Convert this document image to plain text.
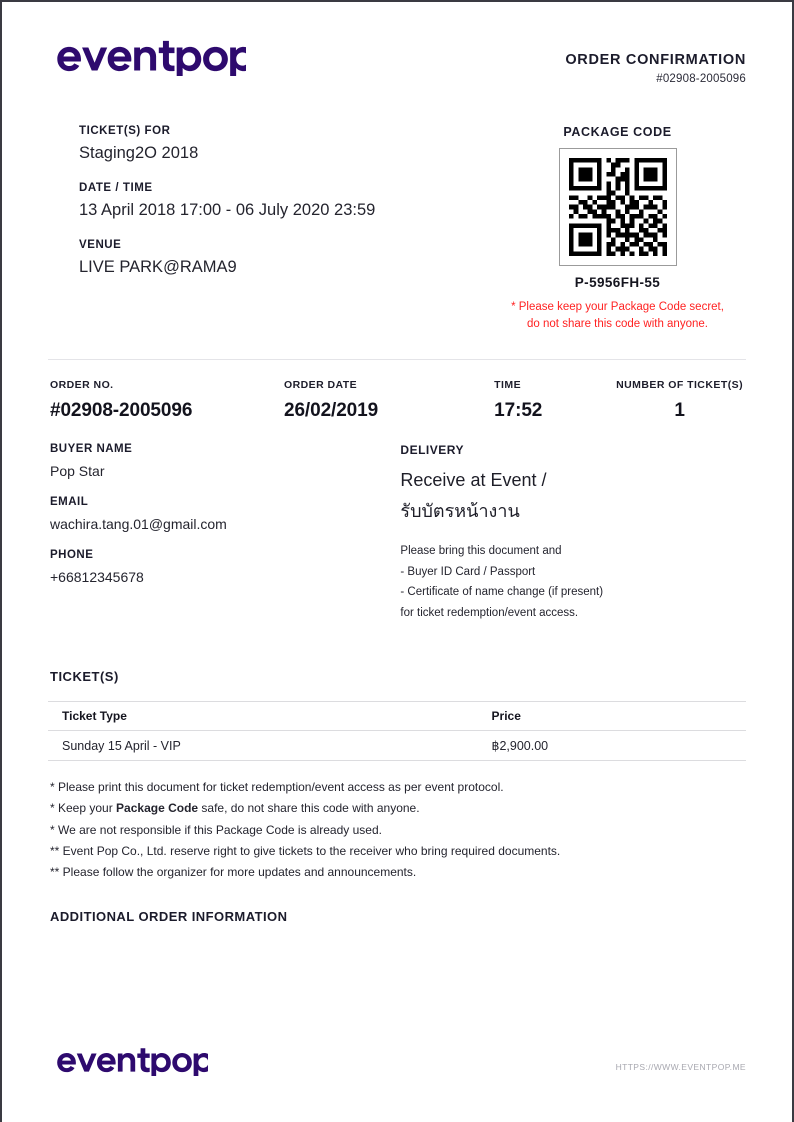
ORDER CONFIRMATION
#02908-2005096
TICKET(S) FOR
Staging2O 2018
DATE / TIME
13 April 2018 17:00 - 06 July 2020 23:59
VENUE
LIVE PARK@RAMA9
PACKAGE CODE
P-5956FH-55
* Please keep your Package Code secret,
do not share this code with anyone.
ORDER NO.
#02908-2005096
ORDER DATE
26/02/2019
TIME
17:52
NUMBER OF TICKET(S)
1
BUYER NAME
Pop Star
EMAIL
wachira.tang.01@gmail.com
PHONE
+66812345678
DELIVERY
Receive at Event /
รับบัตรหน้างาน
Please bring this document and
- Buyer ID Card / Passport
- Certificate of name change (if present)
for ticket redemption/event access.
TICKET(S)
Ticket Type	Price
Sunday 15 April - VIP	฿2,900.00
* Please print this document for ticket redemption/event access as per event protocol.
* Keep your Package Code safe, do not share this code with anyone.
* We are not responsible if this Package Code is already used.
** Event Pop Co., Ltd. reserve right to give tickets to the receiver who bring required documents.
** Please follow the organizer for more updates and announcements.
ADDITIONAL ORDER INFORMATION
HTTPS://WWW.EVENTPOP.ME
